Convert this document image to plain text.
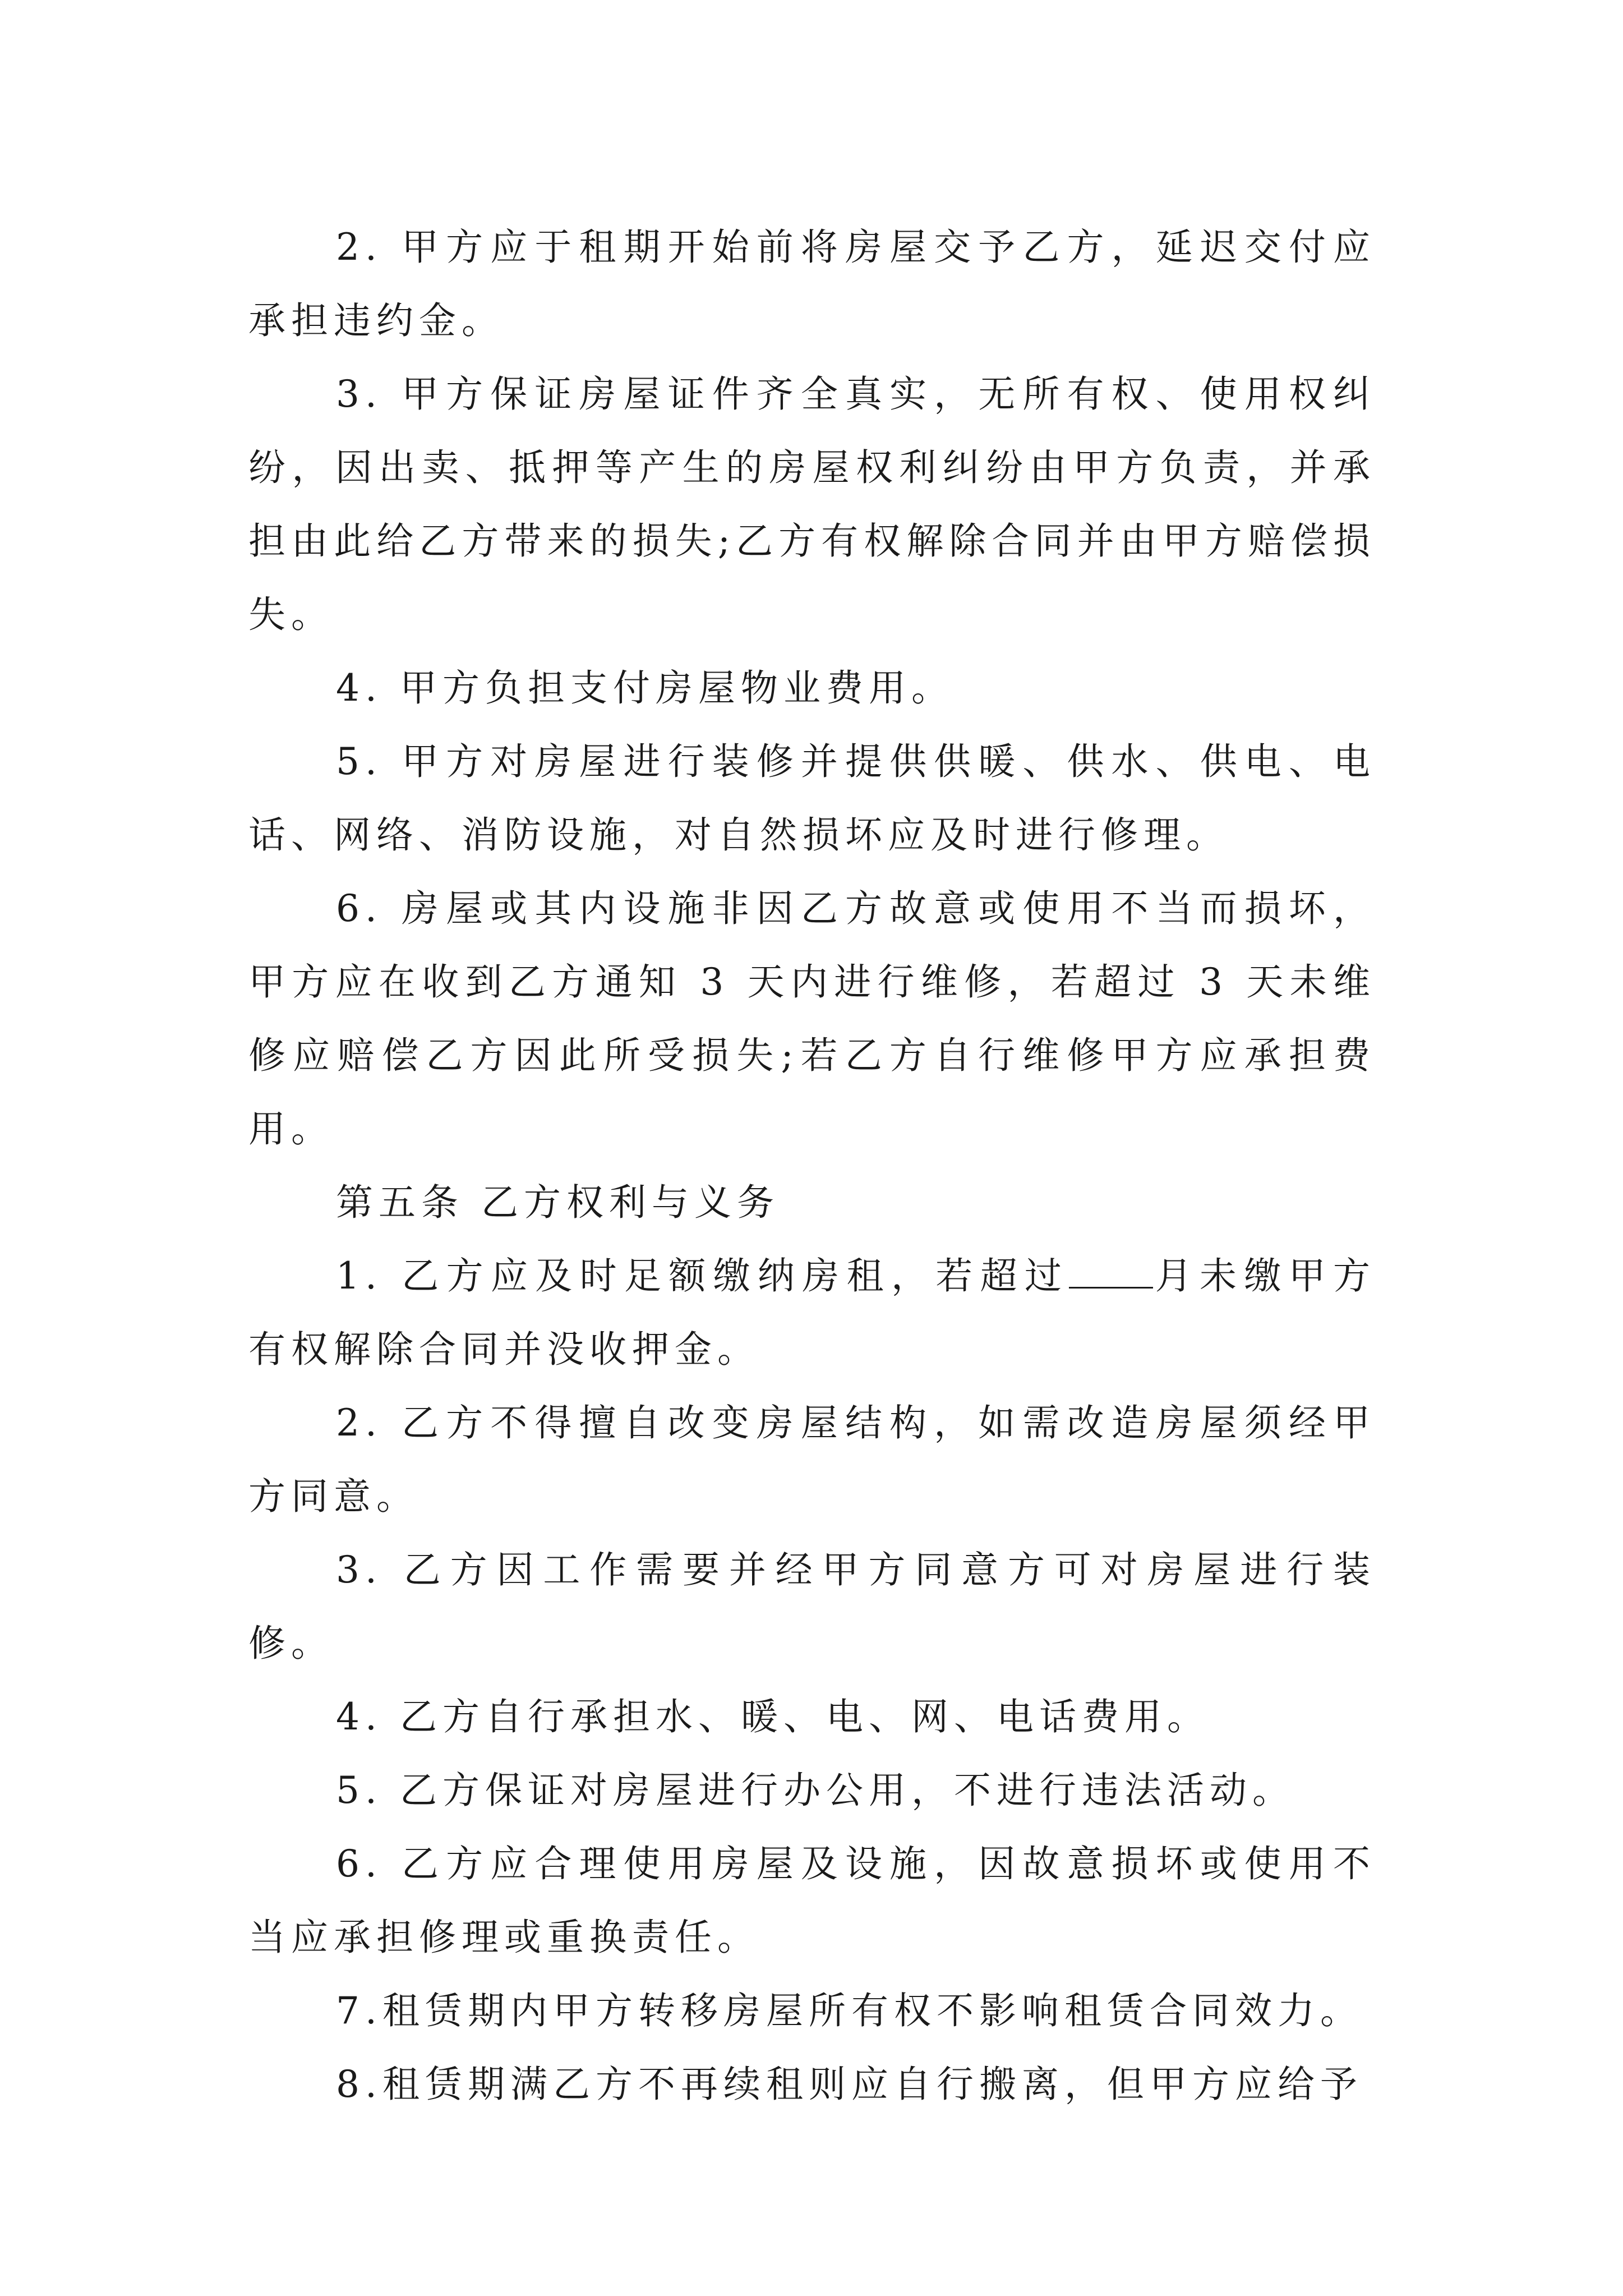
2. 甲方应于租期开始前将房屋交予乙方，延迟交付应承担违约金。

3. 甲方保证房屋证件齐全真实，无所有权、使用权纠纷，因出卖、抵押等产生的房屋权利纠纷由甲方负责，并承担由此给乙方带来的损失;乙方有权解除合同并由甲方赔偿损失。

4. 甲方负担支付房屋物业费用。

5. 甲方对房屋进行装修并提供供暖、供水、供电、电话、网络、消防设施，对自然损坏应及时进行修理。

6. 房屋或其内设施非因乙方故意或使用不当而损坏，甲方应在收到乙方通知 3 天内进行维修，若超过 3 天未维修应赔偿乙方因此所受损失;若乙方自行维修甲方应承担费用。

第五条 乙方权利与义务

1. 乙方应及时足额缴纳房租，若超过 月未缴甲方有权解除合同并没收押金。

2. 乙方不得擅自改变房屋结构，如需改造房屋须经甲方同意。

3. 乙方因工作需要并经甲方同意方可对房屋进行装修。

4. 乙方自行承担水、暖、电、网、电话费用。

5. 乙方保证对房屋进行办公用，不进行违法活动。

6. 乙方应合理使用房屋及设施，因故意损坏或使用不当应承担修理或重换责任。

7.租赁期内甲方转移房屋所有权不影响租赁合同效力。

8.租赁期满乙方不再续租则应自行搬离，但甲方应给予
